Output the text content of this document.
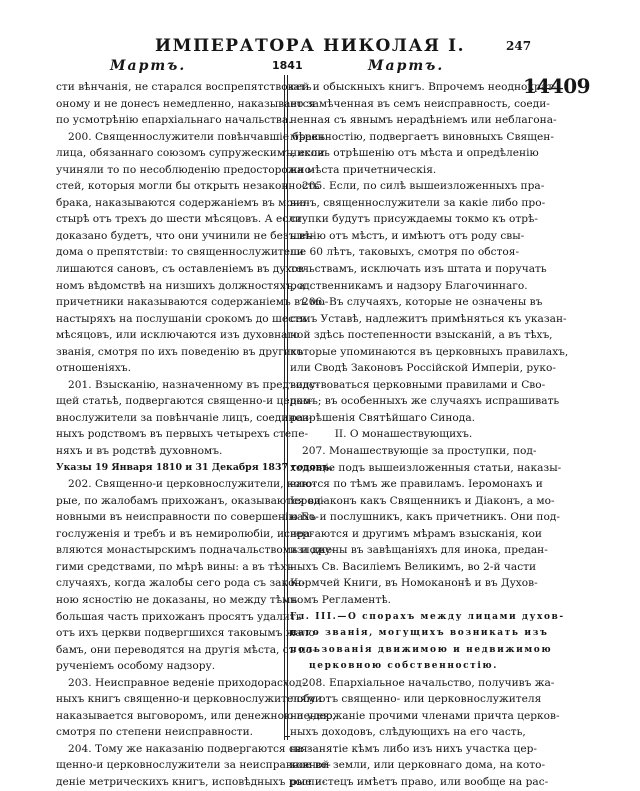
ИМПЕРАТОРА НИКОЛАЯ I.	247
Мартъ.	1841	Мартъ.
14409
сти вѣнчанія, не старался воспрепятствовать
оному и не донесъ немедленно, наказывается
по усмотрѣнію епархіальнаго начальства.
200. Священнослужители повѣнчавшіе бракъ
лица, обязаннаго союзомъ супружескимъ, если
учиняли то по несоблюденію предосторожно-
стей, которыя могли бы открыть незаконность
брака, наказываются содержаніемъ въ мона-
стырѣ отъ трехъ до шести мѣсяцовъ. А если
доказано будетъ, что они учинили не безъ вѣ-
дома о препятствіи: то священнослужители
лишаются сановъ, съ оставленіемъ въ духов-
номъ вѣдомствѣ на низшихъ должностяхъ, а
причетники наказываются содержаніемъ въ мо-
настыряхъ на послушаніи срокомъ до шести
мѣсяцовъ, или исключаются изъ духовнаго
званія, смотря по ихъ поведенію въ другихъ
отношеніяхъ.
201. Взысканію, назначенному въ предъиду-
щей статьѣ, подвергаются священно-и церко-
внослужители за повѣнчаніе лицъ, соединен-
ныхъ родствомъ въ первыхъ четырехъ степе-
няхъ и въ родствѣ духовномъ.
Указы 19 Января 1810 и 31 Декабря 1837 годовъ.
202. Священно-и церковнослужители, кото-
рые, по жалобамъ прихожанъ, оказываются ви-
новными въ неисправности по совершенію Бо-
гослуженія и требъ и въ немиролюбіи, испра-
вляются монастырскимъ подначальствомъ и дру-
гими средствами, по мѣрѣ вины: а въ тѣхъ
случаяхъ, когда жалобы сего рода съ закон-
ною ясностію не доказаны, но между тѣмъ
большая часть прихожанъ просятъ удалить
отъ ихъ церкви подвергшихся таковымъ жало-
бамъ, они переводятся на другія мѣста, съ по-
рученіемъ особому надзору.
203. Неисправное веденіе приходорасход-
ныхъ книгъ священно-и церковнослужителями
наказывается выговоромъ, или денежною пенею,
смотря по степени неисправности.
204. Тому же наказанію подвергаются свя-
щенно-и церковнослужители за неисправное ве-
деніе метрическихъ книгъ, исповѣдныхъ роспи-
сей и обыскныхъ книгъ. Впрочемъ неоднократ-
но замѣченная въ семъ неисправность, соеди-
ненная съ явнымъ нерадѣніемъ или неблагона-
мѣренностію, подвергаетъ виновныхъ Священ-
никовъ отрѣшенію отъ мѣста и опредѣленію
на мѣста причетническія.
205. Если, по силѣ вышеизложенныхъ пра-
вилъ, священнослужители за какіе либо про-
ступки будутъ присуждаемы токмо къ отрѣ-
шенію отъ мѣстъ, и имѣютъ отъ роду свы-
ше 60 лѣтъ, таковыхъ, смотря по обстоя-
тельствамъ, исключать изъ штата и поручать
родственникамъ и надзору Благочиннаго.
206. Въ случаяхъ, которые не означены въ
семъ Уставѣ, надлежитъ примѣняться къ указан-
ной здѣсь постепенности взысканій, а въ тѣхъ,
которые упоминаются въ церковныхъ правилахъ,
или Сводѣ Законовъ Россійской Имперіи, руко-
водствоваться церковными правилами и Сво-
домъ; въ особенныхъ же случаяхъ испрашивать
разрѣшенія Святѣйшаго Синода.
II. О монашествующихъ.
207. Монашествующіе за проступки, под-
ходящіе подъ вышеизложенныя статьи, наказы-
ваются по тѣмъ же правиламъ. Іеромонахъ и
Іеродіаконъ какъ Священникъ и Діаконъ, а мо-
нахъ и послушникъ, какъ причетникъ. Они под-
вергаются и другимъ мѣрамъ взысканія, кои
изложены въ завѣщаніяхъ для инока, предан-
ныхъ Св. Василіемъ Великимъ, во 2-й части
Кормчей Книги, въ Номоканонѣ и въ Духов-
номъ Регламентѣ.
Гл. III.—О спорахъ между лицами духов-
наго званія, могущихъ возникать изъ
пользованія движимою и недвижимою
церковною собственностію.
208. Епархіальное начальство, получивъ жа-
лобу отъ священно- или церковнослужителя
на удержаніе прочими членами причта церков-
ныхъ доходовъ, слѣдующихъ на его часть,
на занятіе кѣмъ либо изъ нихъ участка цер-
ковной земли, или церковнаго дома, на кото-
рые истецъ имѣетъ право, или вообще на рас-
